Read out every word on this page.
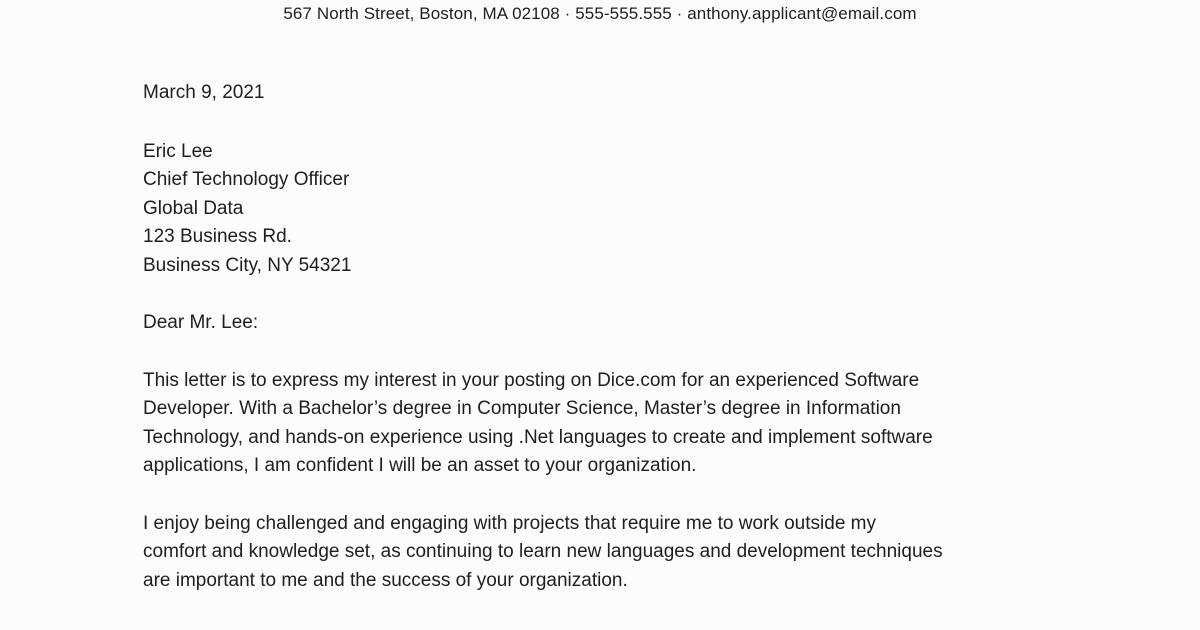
567 North Street, Boston, MA 02108 · 555-555.555 · anthony.applicant@email.com
March 9, 2021
Eric Lee
Chief Technology Officer
Global Data
123 Business Rd.
Business City, NY 54321
Dear Mr. Lee:
This letter is to express my interest in your posting on Dice.com for an experienced Software
Developer. With a Bachelor’s degree in Computer Science, Master’s degree in Information
Technology, and hands-on experience using .Net languages to create and implement software
applications, I am confident I will be an asset to your organization.
I enjoy being challenged and engaging with projects that require me to work outside my
comfort and knowledge set, as continuing to learn new languages and development techniques
are important to me and the success of your organization.
